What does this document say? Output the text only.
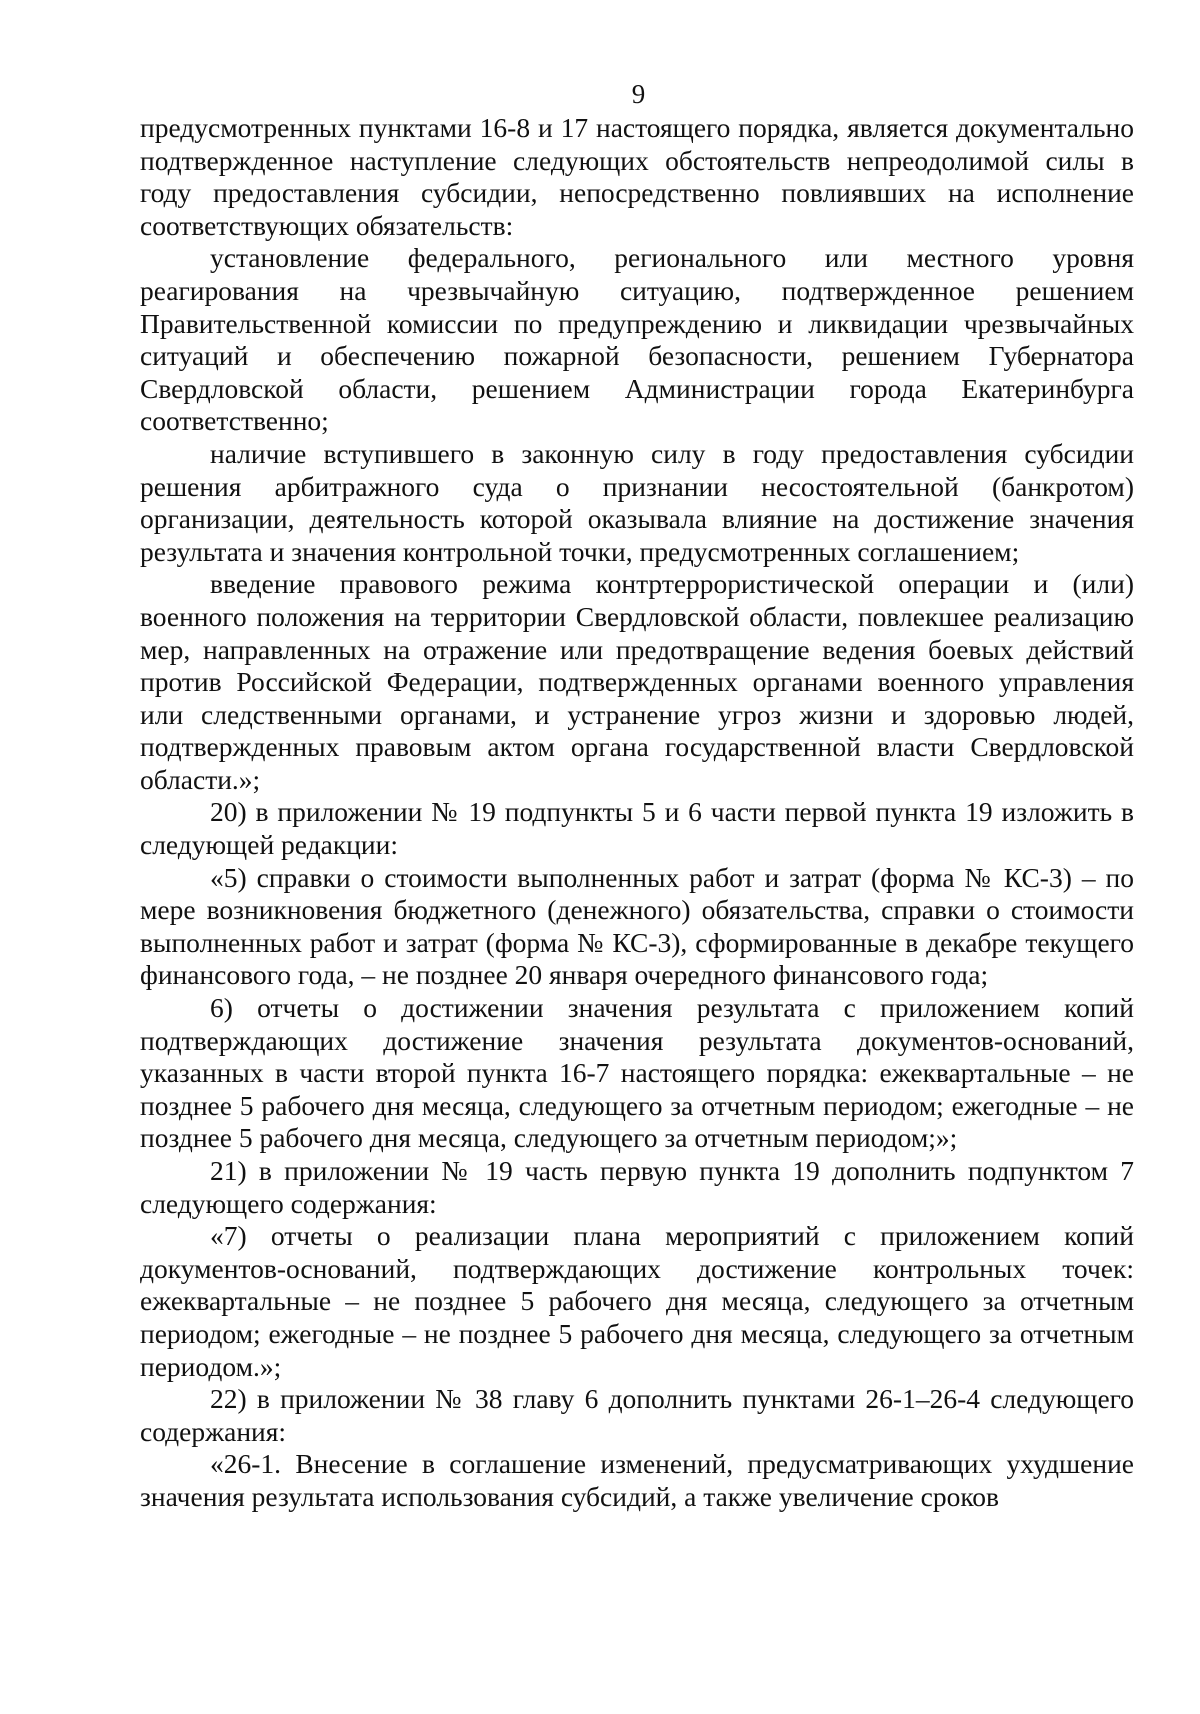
9

предусмотренных пунктами 16-8 и 17 настоящего порядка, является документально подтвержденное наступление следующих обстоятельств непреодолимой силы в году предоставления субсидии, непосредственно повлиявших на исполнение соответствующих обязательств:

установление федерального, регионального или местного уровня реагирования на чрезвычайную ситуацию, подтвержденное решением Правительственной комиссии по предупреждению и ликвидации чрезвычайных ситуаций и обеспечению пожарной безопасности, решением Губернатора Свердловской области, решением Администрации города Екатеринбурга соответственно;

наличие вступившего в законную силу в году предоставления субсидии решения арбитражного суда о признании несостоятельной (банкротом) организации, деятельность которой оказывала влияние на достижение значения результата и значения контрольной точки, предусмотренных соглашением;

введение правового режима контртеррористической операции и (или) военного положения на территории Свердловской области, повлекшее реализацию мер, направленных на отражение или предотвращение ведения боевых действий против Российской Федерации, подтвержденных органами военного управления или следственными органами, и устранение угроз жизни и здоровью людей, подтвержденных правовым актом органа государственной власти Свердловской области.»;

20) в приложении № 19 подпункты 5 и 6 части первой пункта 19 изложить в следующей редакции:

«5) справки о стоимости выполненных работ и затрат (форма № КС-3) – по мере возникновения бюджетного (денежного) обязательства, справки о стоимости выполненных работ и затрат (форма № КС-3), сформированные в декабре текущего финансового года, – не позднее 20 января очередного финансового года;

6) отчеты о достижении значения результата с приложением копий подтверждающих достижение значения результата документов-оснований, указанных в части второй пункта 16-7 настоящего порядка: ежеквартальные – не позднее 5 рабочего дня месяца, следующего за отчетным периодом; ежегодные – не позднее 5 рабочего дня месяца, следующего за отчетным периодом;»;

21) в приложении № 19 часть первую пункта 19 дополнить подпунктом 7 следующего содержания:

«7) отчеты о реализации плана мероприятий с приложением копий документов-оснований, подтверждающих достижение контрольных точек: ежеквартальные – не позднее 5 рабочего дня месяца, следующего за отчетным периодом; ежегодные – не позднее 5 рабочего дня месяца, следующего за отчетным периодом.»;

22) в приложении № 38 главу 6 дополнить пунктами 26-1–26-4 следующего содержания:

«26-1. Внесение в соглашение изменений, предусматривающих ухудшение значения результата использования субсидий, а также увеличение сроков
